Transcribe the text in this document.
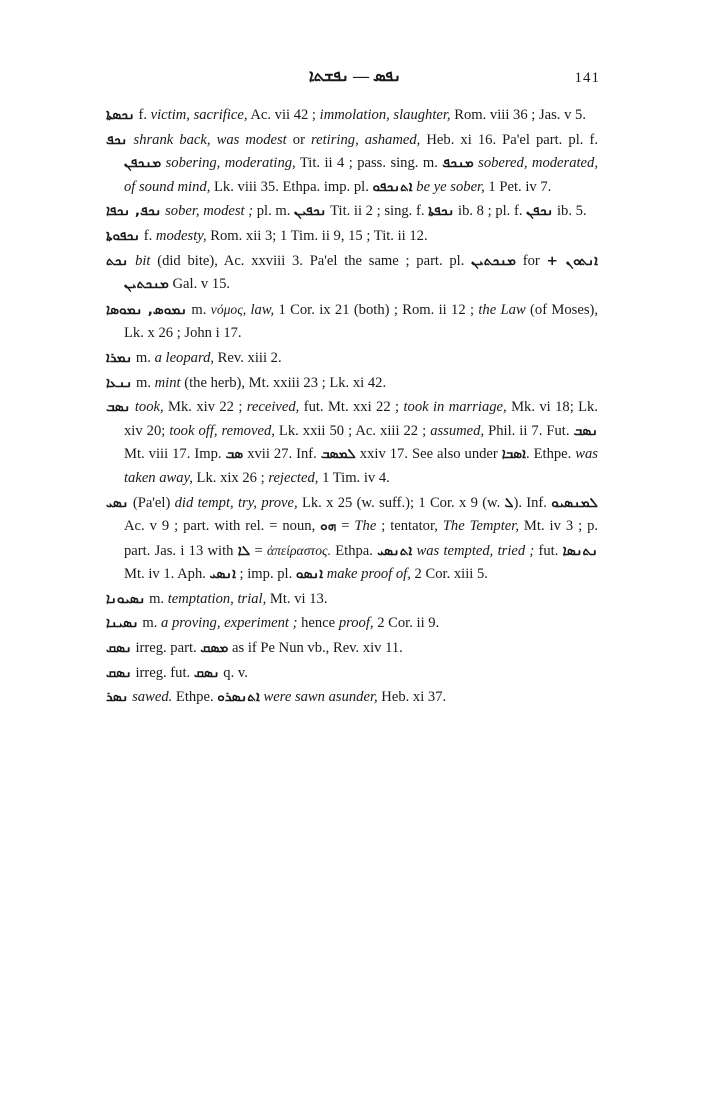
ܢܦܣ — ܢܦܫܬܐ	141

ܢܟܣܬܐ f. victim, sacrifice, Ac. vii 42 ; immolation, slaughter, Rom. viii 36 ; Jas. v 5.

ܢܟܦ shrank back, was modest or retiring, ashamed, Heb. xi 16. Pa'el part. pl. f. ܡܢܟܦܢ sobering, moderating, Tit. ii 4 ; pass. sing. m. ܡܢܟܦ sobered, moderated, of sound mind, Lk. viii 35. Ethpa. imp. pl. ܐܬܢܟܦܘ be ye sober, 1 Pet. iv 7.

ܢܟܦ, ܢܟܦܐ sober, modest ; pl. m. ܢܟܦܝܢ Tit. ii 2 ; sing. f. ܢܟܦܬܐ ib. 8 ; pl. f. ܢܟܦܢ ib. 5.

ܢܟܦܘܬܐ f. modesty, Rom. xii 3; 1 Tim. ii 9, 15 ; Tit. ii 12.

ܢܟܬ bit (did bite), Ac. xxviii 3. Pa'el the same ; part. pl. ܡܢܟܬܝܢ for ܐܢܬܘܢ + ܡܢܟܬܝܢ Gal. v 15.

ܢܡܘܣ, ܢܡܘܣܐ m. νόμος, law, 1 Cor. ix 21 (both) ; Rom. ii 12 ; the Law (of Moses), Lk. x 26 ; John i 17.

ܢܡܪܐ m. a leopard, Rev. xiii 2.

ܢܢܥܐ m. mint (the herb), Mt. xxiii 23 ; Lk. xi 42.

ܢܣܒ took, Mk. xiv 22 ; received, fut. Mt. xxi 22 ; took in marriage, Mk. vi 18; Lk. xiv 20; took off, removed, Lk. xxii 50 ; Ac. xiii 22 ; assumed, Phil. ii 7. Fut. ܢܣܒ Mt. viii 17. Imp. ܣܒ xvii 27. Inf. ܠܡܣܒ xxiv 17. See also under ܐܣܒܐ. Ethpe. was taken away, Lk. xix 26 ; rejected, 1 Tim. iv 4.

ܢܣܝ (Pa'el) did tempt, try, prove, Lk. x 25 (w. suff.); 1 Cor. x 9 (w. ܠ). Inf. ܠܡܢܣܝܘ Ac. v 9 ; part. with rel. = noun, ܗܘ = The ; tentator, The Tempter, Mt. iv 3 ; p. part. Jas. i 13 with ܠܐ = ἀπείραστος. Ethpa. ܐܬܢܣܝ was tempted, tried ; fut. ܢܬܢܣܐ Mt. iv 1. Aph. ܐܢܣܝ ; imp. pl. ܐܢܣܘ make proof of, 2 Cor. xiii 5.

ܢܣܝܘܢܐ m. temptation, trial, Mt. vi 13.

ܢܣܝܢܐ m. a proving, experiment ; hence proof, 2 Cor. ii 9.

ܢܣܩ irreg. part. ܡܣܩ as if Pe Nun vb., Rev. xiv 11.

ܢܣܩ irreg. fut. ܢܣܩ q. v.

ܢܣܪ sawed. Ethpe. ܐܬܢܣܪܘ were sawn asunder, Heb. xi 37.
